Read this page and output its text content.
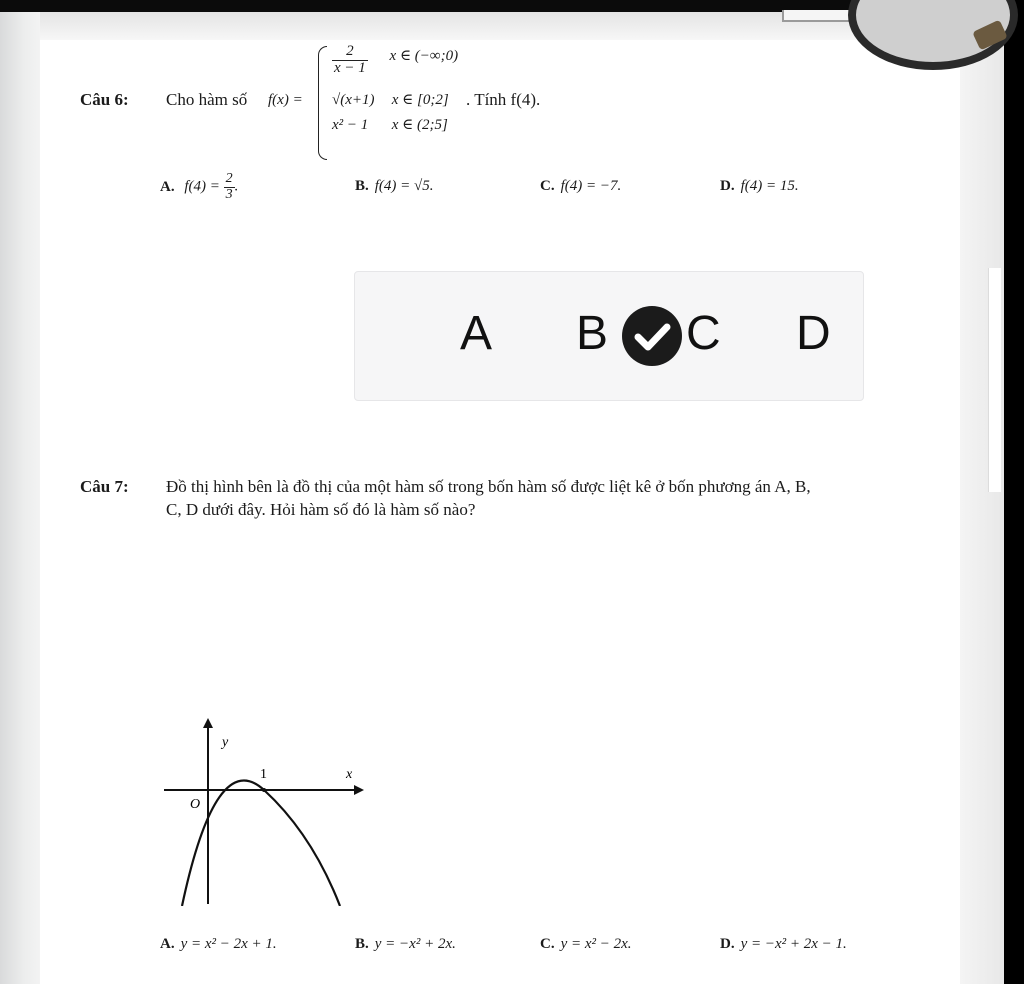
Câu 6: Cho hàm số f(x) =
$\frac{2}{x - 1}$ x ∈ (−∞;0)
√(x+1) x ∈ [0;2]
x² − 1 x ∈ (2;5]
. Tính f(4).
A. $f(4) = \frac{2}{3}$ .	B. f(4) = √5.	C. f(4) = −7.	D. f(4) = 15.
A B C D
Câu 7: Đồ thị hình bên là đồ thị của một hàm số trong bốn hàm số được liệt kê ở bốn phương án A, B,
C, D dưới đây. Hỏi hàm số đó là hàm số nào?
y
1	x
O
A. y = x² − 2x + 1.	B. y = −x² + 2x.	C. y = x² − 2x.	D. y = −x² + 2x − 1.
